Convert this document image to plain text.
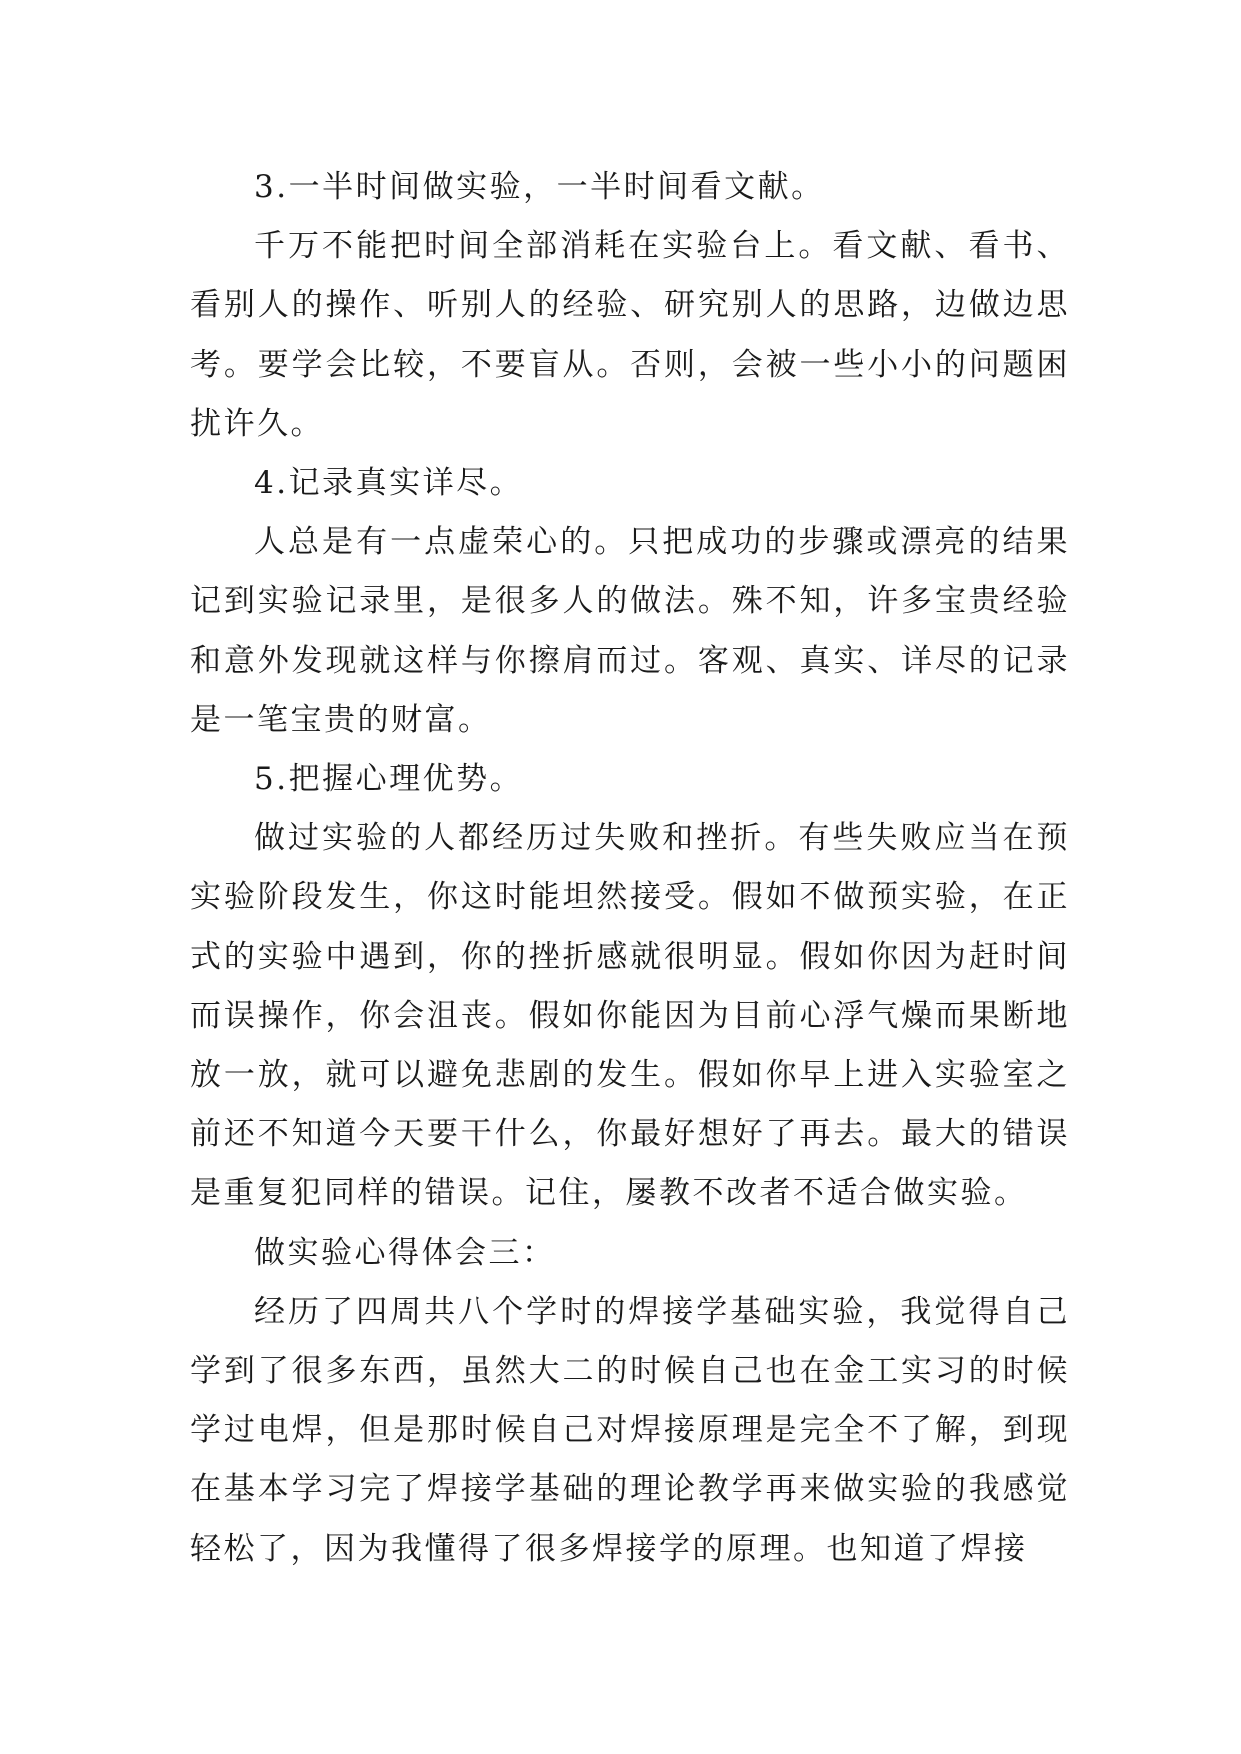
3.一半时间做实验，一半时间看文献。

千万不能把时间全部消耗在实验台上。看文献、看书、看别人的操作、听别人的经验、研究别人的思路，边做边思考。要学会比较，不要盲从。否则，会被一些小小的问题困扰许久。

4.记录真实详尽。

人总是有一点虚荣心的。只把成功的步骤或漂亮的结果记到实验记录里，是很多人的做法。殊不知，许多宝贵经验和意外发现就这样与你擦肩而过。客观、真实、详尽的记录是一笔宝贵的财富。

5.把握心理优势。

做过实验的人都经历过失败和挫折。有些失败应当在预实验阶段发生，你这时能坦然接受。假如不做预实验，在正式的实验中遇到，你的挫折感就很明显。假如你因为赶时间而误操作，你会沮丧。假如你能因为目前心浮气燥而果断地放一放，就可以避免悲剧的发生。假如你早上进入实验室之前还不知道今天要干什么，你最好想好了再去。最大的错误是重复犯同样的错误。记住，屡教不改者不适合做实验。

做实验心得体会三：

经历了四周共八个学时的焊接学基础实验，我觉得自己学到了很多东西，虽然大二的时候自己也在金工实习的时候学过电焊，但是那时候自己对焊接原理是完全不了解，到现在基本学习完了焊接学基础的理论教学再来做实验的我感觉轻松了，因为我懂得了很多焊接学的原理。也知道了焊接
